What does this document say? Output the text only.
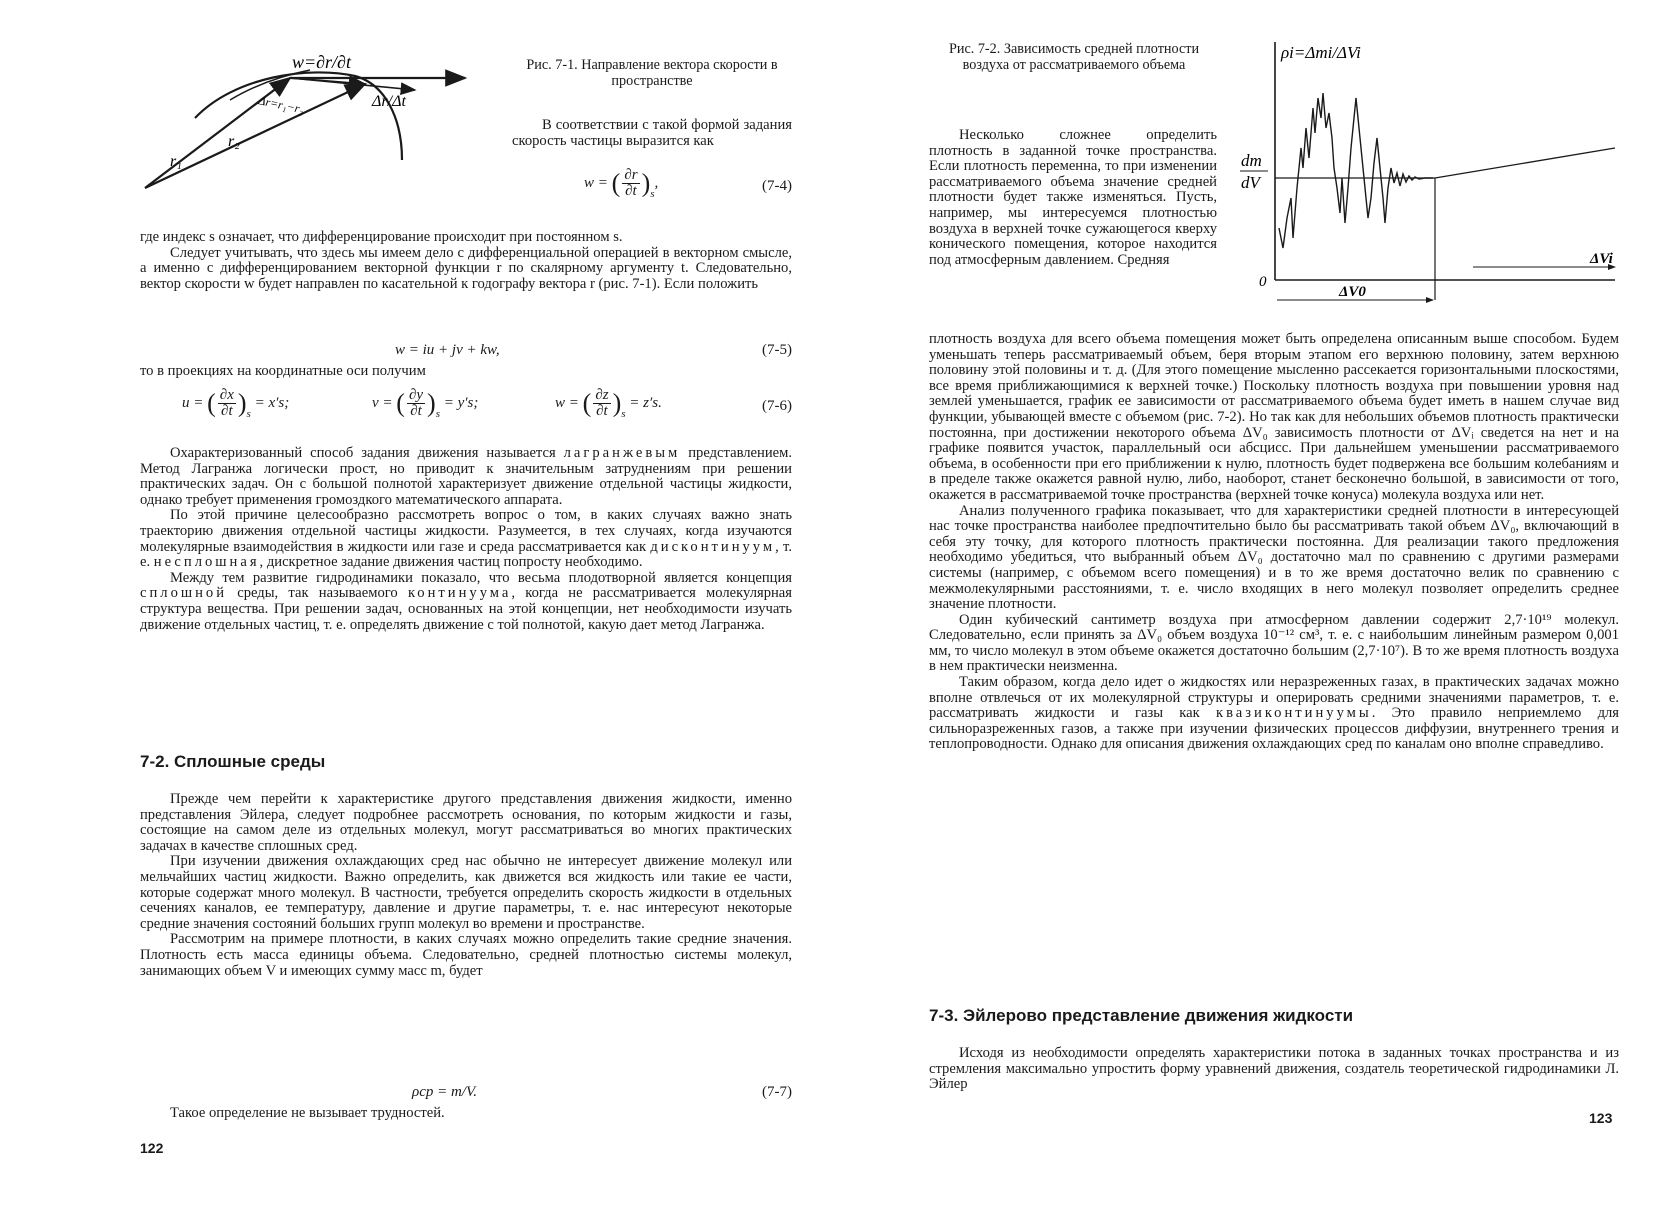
w=∂r/∂t
Δr=r₁−r₂	Δr/Δt
r₁
r₂
Рис. 7-1. Направление вектора скорости в пространстве

В соответствии с такой формой задания скорость частицы выразится как

w = ( $\frac{\partial r}{\partial t} )_s$,	(7-4)

где индекс s означает, что дифференцирование происходит при постоянном s.

Следует учитывать, что здесь мы имеем дело с дифференциальной операцией в векторном смысле, а именно с дифференцированием векторной функции r по скалярному аргументу t. Следовательно, вектор скорости w будет направлен по касательной к годографу вектора r (рис. 7-1). Если положить

w = iu + jv + kw,	(7-5)

то в проекциях на координатные оси получим

u = ( $\frac{\partial x}{\partial t} )_s = x's$;	v = ( $\frac{\partial y}{\partial t} )_s = y's$;	w = ( $\frac{\partial z}{\partial t} )_s = z's$.	(7-6)

Охарактеризованный способ задания движения называется лагранжевым представлением. Метод Лагранжа логически прост, но приводит к значительным затруднениям при решении практических задач. Он с большой полнотой характеризует движение отдельной частицы жидкости, однако требует применения громоздкого математического аппарата.

По этой причине целесообразно рассмотреть вопрос о том, в каких случаях важно знать траекторию движения отдельной частицы жидкости. Разумеется, в тех случаях, когда изучаются молекулярные взаимодействия в жидкости или газе и среда рассматривается как дисконтинуум, т. е. несплошная, дискретное задание движения частиц попросту необходимо.

Между тем развитие гидродинамики показало, что весьма плодотворной является концепция сплошной среды, так называемого континуума, когда не рассматривается молекулярная структура вещества. При решении задач, основанных на этой концепции, нет необходимости изучать движение отдельных частиц, т. е. определять движение с той полнотой, какую дает метод Лагранжа.

7-2. Сплошные среды

Прежде чем перейти к характеристике другого представления движения жидкости, именно представления Эйлера, следует подробнее рассмотреть основания, по которым жидкости и газы, состоящие на самом деле из отдельных молекул, могут рассматриваться во многих практических задачах в качестве сплошных сред.

При изучении движения охлаждающих сред нас обычно не интересует движение молекул или мельчайших частиц жидкости. Важно определить, как движется вся жидкость или такие ее части, которые содержат много молекул. В частности, требуется определить скорость жидкости в отдельных сечениях каналов, ее температуру, давление и другие параметры, т. е. нас интересуют некоторые средние значения состояний больших групп молекул во времени и пространстве.

Рассмотрим на примере плотности, в каких случаях можно определить такие средние значения. Плотность есть масса единицы объема. Следовательно, средней плотностью системы молекул, занимающих объем V и имеющих сумму масс m, будет

ρср = m/V.	(7-7)

Такое определение не вызывает трудностей.

122
Рис. 7-2. Зависимость средней плотности воздуха от рассматриваемого объема

Несколько сложнее определить плотность в заданной точке пространства. Если плотность переменна, то при изменении рассматриваемого объема значение средней плотности будет также изменяться. Пусть, например, мы интересуемся плотностью воздуха в верхней точке сужающегося кверху конического помещения, которое находится под атмосферным давлением. Средняя

ρi=Δmi/ΔVi
dm
dV
0
ΔV0
ΔVi

плотность воздуха для всего объема помещения может быть определена описанным выше способом. Будем уменьшать теперь рассматриваемый объем, беря вторым этапом его верхнюю половину, затем верхнюю половину этой половины и т. д. (Для этого помещение мысленно рассекается горизонтальными плоскостями, все время приближающимися к верхней точке.) Поскольку плотность воздуха при повышении уровня над землей уменьшается, график ее зависимости от рассматриваемого объема будет иметь в нашем случае вид функции, убывающей вместе с объемом (рис. 7-2). Но так как для небольших объемов плотность практически постоянна, при достижении некоторого объема ΔV₀ зависимость плотности от ΔVᵢ сведется на нет и на графике появится участок, параллельный оси абсцисс. При дальнейшем уменьшении рассматриваемого объема, в особенности при его приближении к нулю, плотность будет подвержена все большим колебаниям и в пределе также окажется равной нулю, либо, наоборот, станет бесконечно большой, в зависимости от того, окажется в рассматриваемой точке пространства (верхней точке конуса) молекула воздуха или нет.

Анализ полученного графика показывает, что для характеристики средней плотности в интересующей нас точке пространства наиболее предпочтительно было бы рассматривать такой объем ΔV₀, включающий в себя эту точку, для которого плотность практически постоянна. Для реализации такого предложения необходимо убедиться, что выбранный объем ΔV₀ достаточно мал по сравнению с другими размерами системы (например, с объемом всего помещения) и в то же время достаточно велик по сравнению с межмолекулярными расстояниями, т. е. число входящих в него молекул позволяет определить среднее значение плотности.

Один кубический сантиметр воздуха при атмосферном давлении содержит 2,7·10¹⁹ молекул. Следовательно, если принять за ΔV₀ объем воздуха 10⁻¹² см³, т. е. с наибольшим линейным размером 0,001 мм, то число молекул в этом объеме окажется достаточно большим (2,7·10⁷). В то же время плотность воздуха в нем практически неизменна.

Таким образом, когда дело идет о жидкостях или неразреженных газах, в практических задачах можно вполне отвлечься от их молекулярной структуры и оперировать средними значениями параметров, т. е. рассматривать жидкости и газы как квазиконтинуумы. Это правило неприемлемо для сильноразреженных газов, а также при изучении физических процессов диффузии, внутреннего трения и теплопроводности. Однако для описания движения охлаждающих сред по каналам оно вполне справедливо.

7-3. Эйлерово представление движения жидкости

Исходя из необходимости определять характеристики потока в заданных точках пространства и из стремления максимально упростить форму уравнений движения, создатель теоретической гидродинамики Л. Эйлер

123
